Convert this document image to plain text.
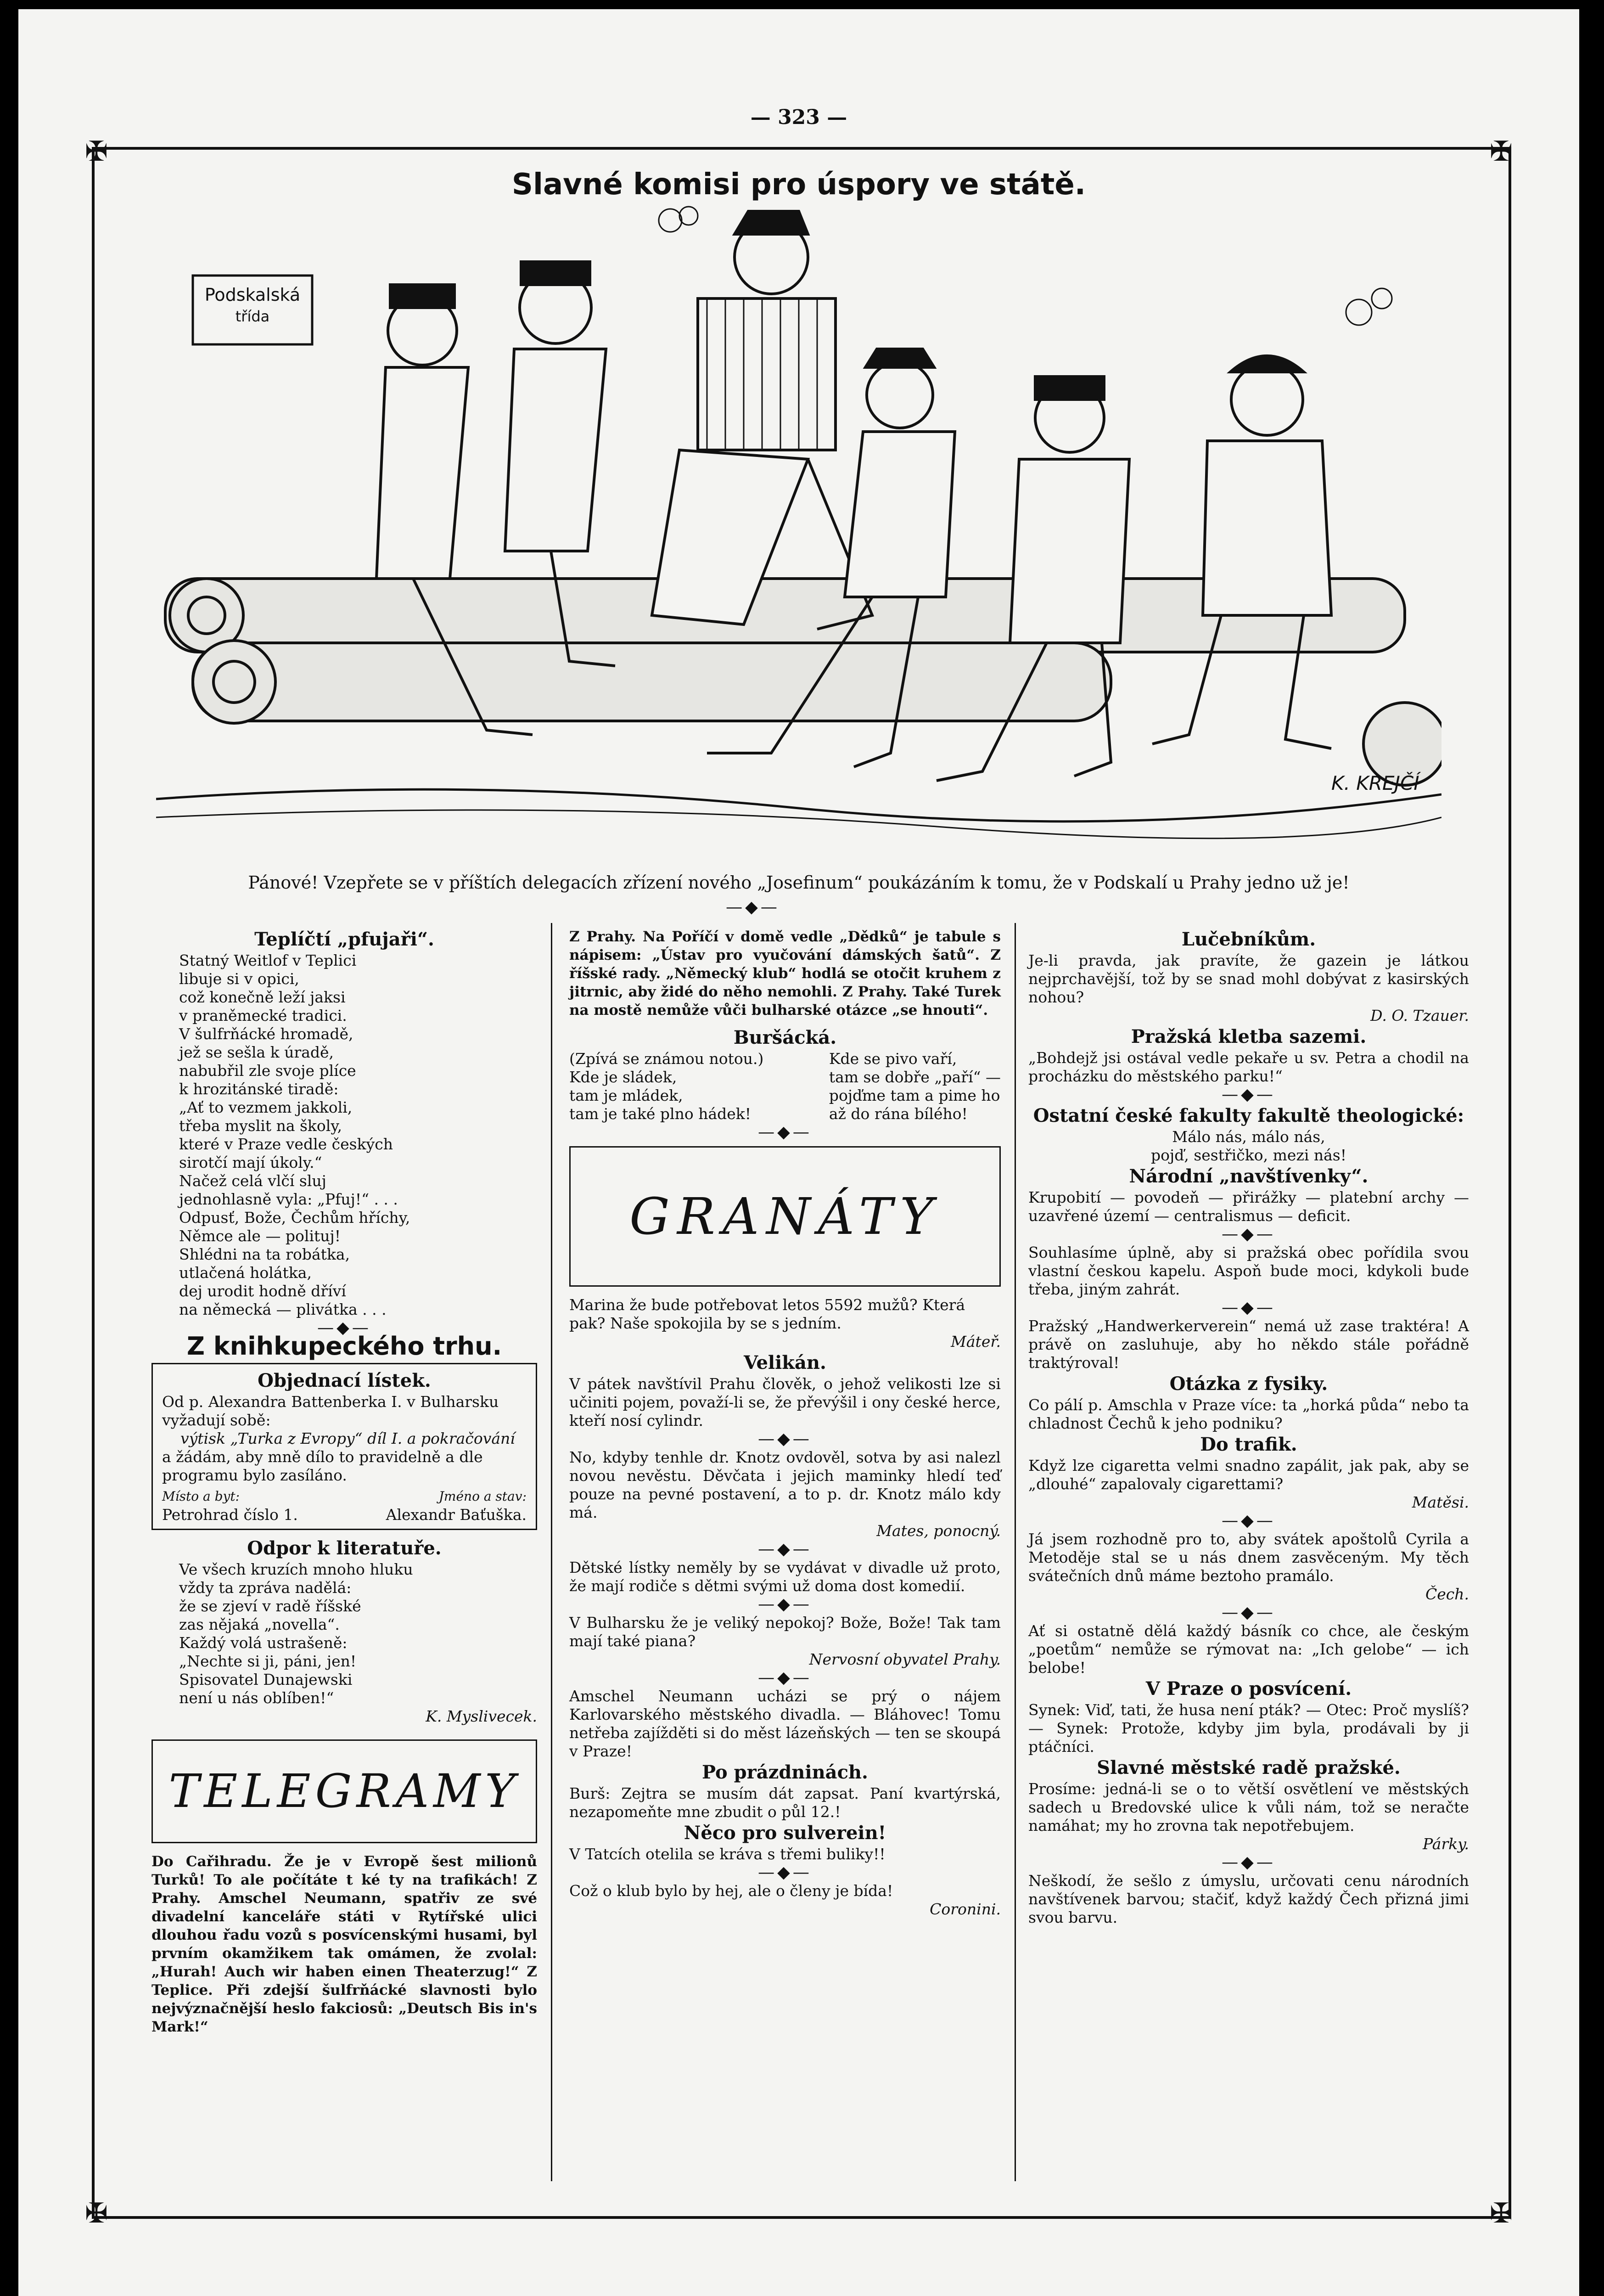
— 323 —
✠	✠
✠	✠
Slavné komisi pro úspory ve státě.
Podskalská
třída
K. KREJČÍ
Pánové! Vzepřete se v příštích delegacích zřízení nového „Josefinum“ poukázáním k tomu, že v Podskalí u Prahy jedno už je!
—◆—
Teplíčtí „pfujaři“.

Statný Weitlof v Teplici

libuje si v opici,

což konečně leží jaksi

v praněmecké tradici.

V šulfrňácké hromadě,

jež se sešla k úradě,

nabubřil zle svoje plíce

k hrozitánské tiradě:

„Ať to vezmem jakkoli,

třeba myslit na školy,

které v Praze vedle českých

sirotčí mají úkoly.“

Načež celá vlčí sluj

jednohlasně vyla: „Pfuj!“ . . .

Odpusť, Bože, Čechům hříchy,

Němce ale — polituj!

Shlédni na ta robátka,

utlačená holátka,

dej urodit hodně dříví

na německá — plivátka . . .

—◆—
Z knihkupeckého trhu.
Objednací lístek.

Od p. Alexandra Battenberka I. v Bulharsku vyžadují sobě:

výtisk „Turka z Evropy“ díl I. a pokračování

a žádám, aby mně dílo to pravidelně a dle programu bylo zasíláno.

Místo a byt:	Jméno a stav:
Petrohrad číslo 1.	Alexandr Baťuška.
Odpor k literatuře.

Ve všech kruzích mnoho hluku

vždy ta zpráva nadělá:

že se zjeví v radě říšské

zas nějaká „novella“.

Každý volá ustrašeně:

„Nechte si ji, páni, jen!

Spisovatel Dunajewski

není u nás oblíben!“

K. Myslivecek.

TELEGRAMY

Do Cařihradu. Že je v Evropě šest milionů Turků! To ale počítáte t ké ty na trafikách! Z Prahy. Amschel Neumann, spatřiv ze své divadelní kanceláře státi v Rytířské ulici dlouhou řadu vozů s posvícenskými husami, byl prvním okamžikem tak omámen, že zvolal: „Hurah! Auch wir haben einen Theaterzug!“ Z Teplice. Při zdejší šulfrňácké slavnosti bylo nejvýznačnější heslo fakciosů: „Deutsch Bis in's Mark!“

Z Prahy. Na Poříčí v domě vedle „Dědků“ je tabule s nápisem: „Ústav pro vyučování dámských šatů“. Z říšské rady. „Německý klub“ hodlá se otočit kruhem z jitrnic, aby židé do něho nemohli. Z Prahy. Také Turek na mostě nemůže vůči bulharské otázce „se hnouti“.

Buršácká.

(Zpívá se známou notou.)

Kde je sládek,

tam je mládek,

tam je také plno hádek!

Kde se pivo vaří,

tam se dobře „paří“ —

pojďme tam a pime ho

až do rána bílého!

—◆—
GRANÁTY

Marina že bude potřebovat letos 5592 mužů? Která pak? Naše spokojila by se s jedním.

Máteř.

Velikán.

V pátek navštívil Prahu člověk, o jehož velikosti lze si učiniti pojem, považí-li se, že převýšil i ony české herce, kteří nosí cylindr.

—◆—

No, kdyby tenhle dr. Knotz ovdověl, sotva by asi nalezl novou nevěstu. Děvčata i jejich maminky hledí teď pouze na pevné postavení, a to p. dr. Knotz málo kdy má.

Mates, ponocný.

—◆—

Dětské lístky neměly by se vydávat v divadle už proto, že mají rodiče s dětmi svými už doma dost komedií.

—◆—

V Bulharsku že je veliký nepokoj? Bože, Bože! Tak tam mají také piana?

Nervosní obyvatel Prahy.

—◆—

Amschel Neumann ucházi se prý o nájem Karlovarského městského divadla. — Bláhovec! Tomu netřeba zajížděti si do měst lázeňských — ten se skoupá v Praze!

Po prázdninách.

Burš: Zejtra se musím dát zapsat. Paní kvartýrská, nezapomeňte mne zbudit o půl 12.!

Něco pro sulverein!

V Tatcích otelila se kráva s třemi buliky!!

—◆—

Což o klub bylo by hej, ale o členy je bída!

Coronini.

Lučebníkům.

Je-li pravda, jak pravíte, že gazein je látkou nejprchavější, tož by se snad mohl dobývat z kasirských nohou?

D. O. Tzauer.

Pražská kletba sazemi.

„Bohdejž jsi ostával vedle pekaře u sv. Petra a chodil na procházku do městského parku!“

—◆—
Ostatní české fakulty fakultě theologické:

Málo nás, málo nás,

pojď, sestřičko, mezi nás!

Národní „navštívenky“.

Krupobití — povodeň — přirážky — platební archy — uzavřené území — centralismus — deficit.

—◆—

Souhlasíme úplně, aby si pražská obec pořídila svou vlastní českou kapelu. Aspoň bude moci, kdykoli bude třeba, jiným zahrát.

—◆—

Pražský „Handwerkerverein“ nemá už zase traktéra! A právě on zasluhuje, aby ho někdo stále pořádně traktýroval!

Otázka z fysiky.

Co pálí p. Amschla v Praze více: ta „horká půda“ nebo ta chladnost Čechů k jeho podniku?

Do trafik.

Když lze cigaretta velmi snadno zapálit, jak pak, aby se „dlouhé“ zapalovaly cigarettami?

Matěsi.

—◆—

Já jsem rozhodně pro to, aby svátek apoštolů Cyrila a Metoděje stal se u nás dnem zasvěceným. My těch svátečních dnů máme beztoho pramálo.

Čech.

—◆—

Ať si ostatně dělá každý básník co chce, ale českým „poetům“ nemůže se rýmovat na: „Ich gelobe“ — ich belobe!

V Praze o posvícení.

Synek: Viď, tati, že husa není pták? — Otec: Proč myslíš? — Synek: Protože, kdyby jim byla, prodávali by ji ptáčníci.

Slavné městské radě pražské.

Prosíme: jedná-li se o to větší osvětlení ve městských sadech u Bredovské ulice k vůli nám, tož se neračte namáhat; my ho zrovna tak nepotřebujem.

Párky.

—◆—

Neškodí, že sešlo z úmyslu, určovati cenu národních navštívenek barvou; stačiť, když každý Čech přizná jimi svou barvu.
